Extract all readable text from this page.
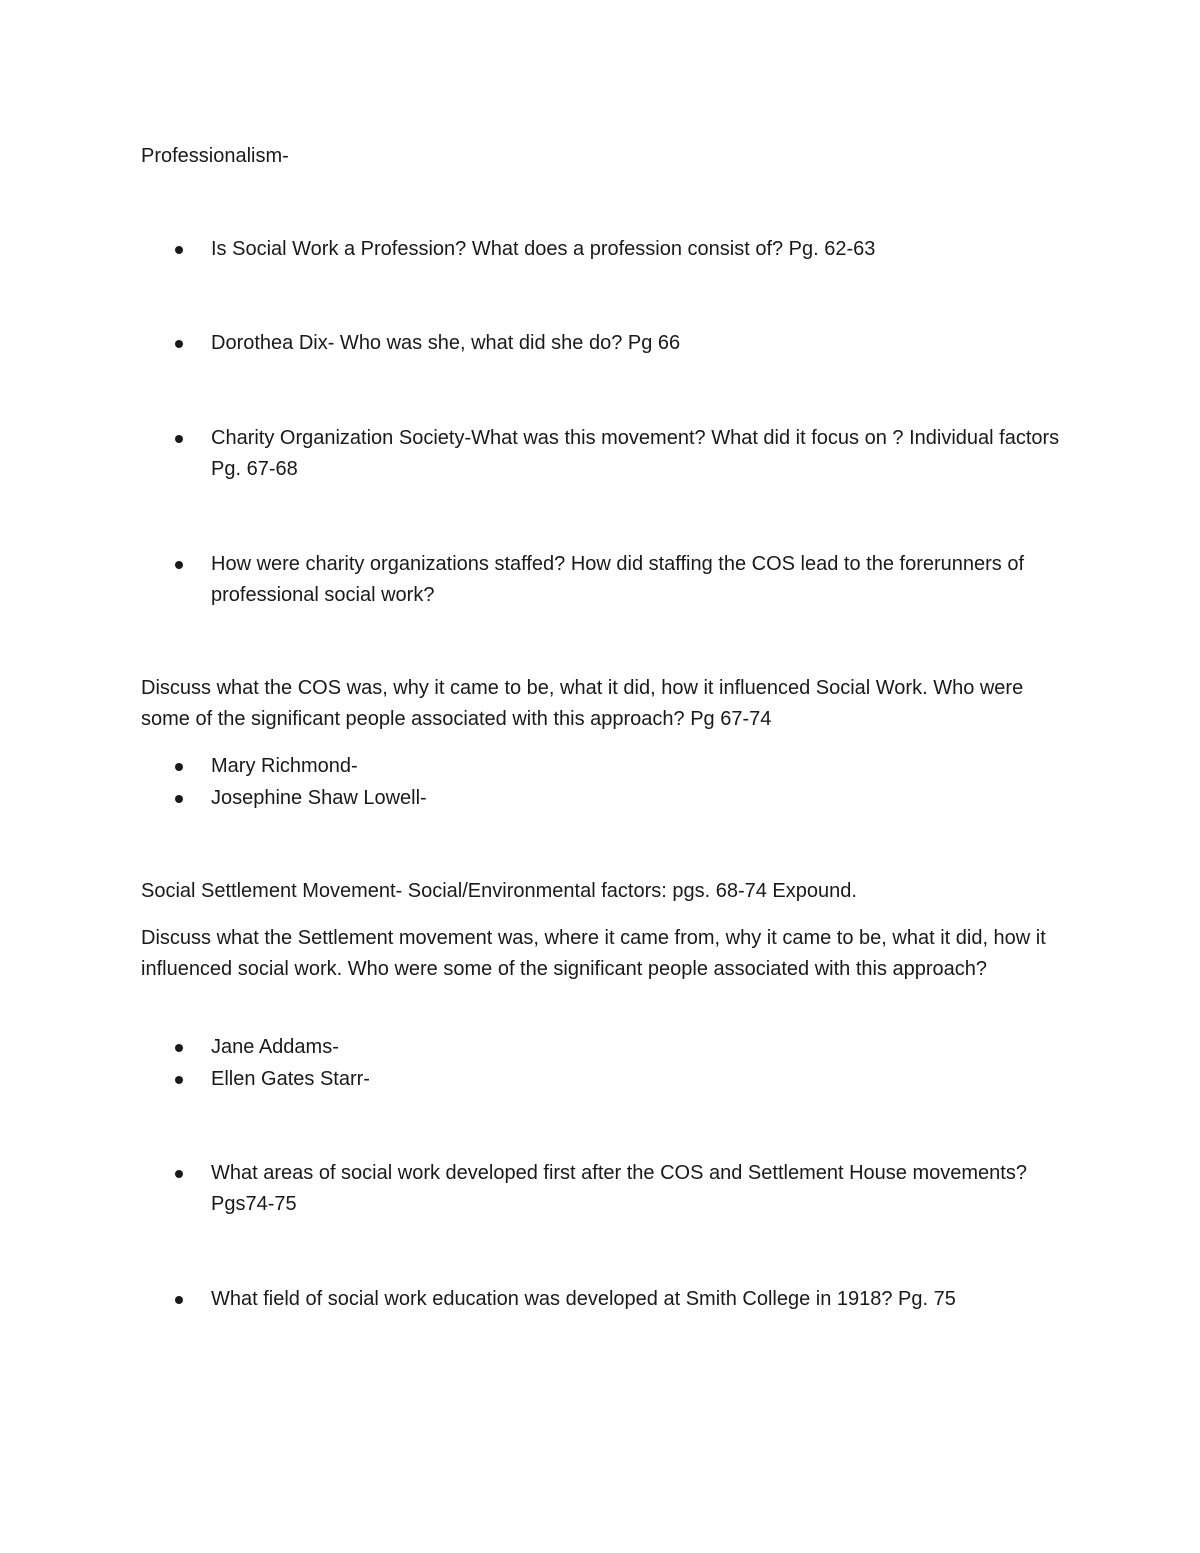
Professionalism-

Is Social Work a Profession? What does a profession consist of? Pg. 62-63
Dorothea Dix- Who was she, what did she do? Pg 66
Charity Organization Society-What was this movement? What did it focus on ? Individual factors Pg. 67-68
How were charity organizations staffed? How did staffing the COS lead to the forerunners of professional social work?

Discuss what the COS was, why it came to be, what it did, how it influenced Social Work. Who were some of the significant people associated with this approach? Pg 67-74

Mary Richmond-
Josephine Shaw Lowell-

Social Settlement Movement- Social/Environmental factors: pgs. 68-74 Expound.

Discuss what the Settlement movement was, where it came from, why it came to be, what it did, how it influenced social work. Who were some of the significant people associated with this approach?

Jane Addams-
Ellen Gates Starr-
What areas of social work developed first after the COS and Settlement House movements? Pgs74-75
What field of social work education was developed at Smith College in 1918? Pg. 75
